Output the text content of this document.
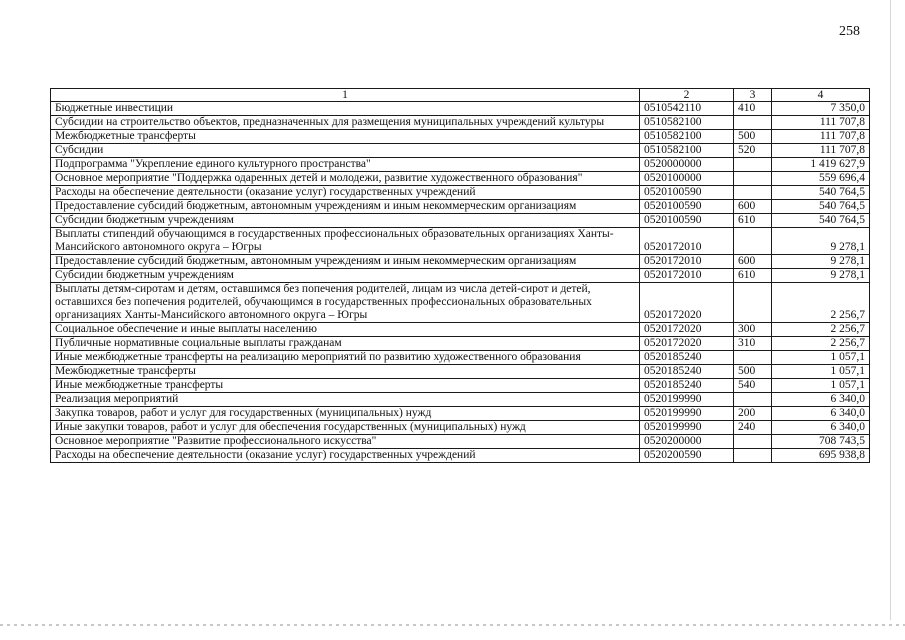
258
1	2	3	4
Бюджетные инвестиции	0510542110	410	7 350,0
Субсидии на строительство объектов, предназначенных для размещения муниципальных учреждений культуры	0510582100		111 707,8
Межбюджетные трансферты	0510582100	500	111 707,8
Субсидии	0510582100	520	111 707,8
Подпрограмма "Укрепление единого культурного пространства"	0520000000		1 419 627,9
Основное мероприятие "Поддержка одаренных детей и молодежи, развитие художественного образования"	0520100000		559 696,4
Расходы на обеспечение деятельности (оказание услуг) государственных учреждений	0520100590		540 764,5
Предоставление субсидий бюджетным, автономным учреждениям и иным некоммерческим организациям	0520100590	600	540 764,5
Субсидии бюджетным учреждениям	0520100590	610	540 764,5
Выплаты стипендий обучающимся в государственных профессиональных образовательных организациях Ханты-Мансийского автономного округа – Югры	0520172010		9 278,1
Предоставление субсидий бюджетным, автономным учреждениям и иным некоммерческим организациям	0520172010	600	9 278,1
Субсидии бюджетным учреждениям	0520172010	610	9 278,1
Выплаты детям-сиротам и детям, оставшимся без попечения родителей, лицам из числа детей-сирот и детей, оставшихся без попечения родителей, обучающимся в государственных профессиональных образовательных организациях Ханты-Мансийского автономного округа – Югры	0520172020		2 256,7
Социальное обеспечение и иные выплаты населению	0520172020	300	2 256,7
Публичные нормативные социальные выплаты гражданам	0520172020	310	2 256,7
Иные межбюджетные трансферты на реализацию мероприятий по развитию художественного образования	0520185240		1 057,1
Межбюджетные трансферты	0520185240	500	1 057,1
Иные межбюджетные трансферты	0520185240	540	1 057,1
Реализация мероприятий	0520199990		6 340,0
Закупка товаров, работ и услуг для государственных (муниципальных) нужд	0520199990	200	6 340,0
Иные закупки товаров, работ и услуг для обеспечения государственных (муниципальных) нужд	0520199990	240	6 340,0
Основное мероприятие "Развитие профессионального искусства"	0520200000		708 743,5
Расходы на обеспечение деятельности (оказание услуг) государственных учреждений	0520200590		695 938,8
